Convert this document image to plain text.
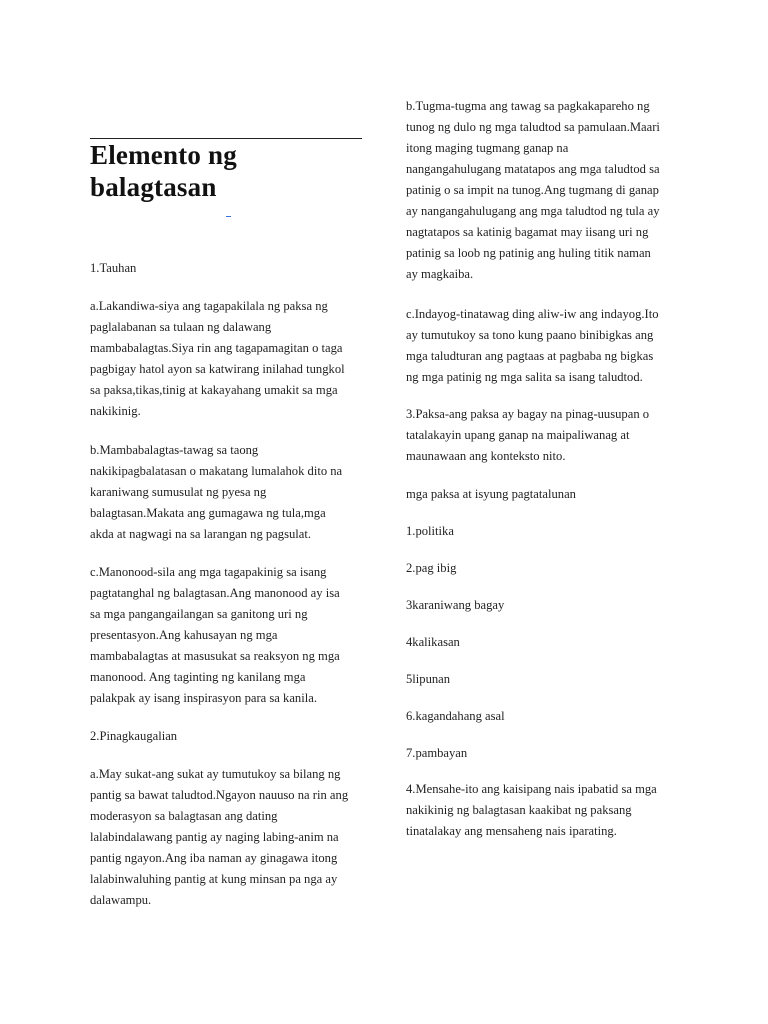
Elemento ng
balagtasan

1.Tauhan

a.Lakandiwa-siya ang tagapakilala ng paksa ng
paglalabanan sa tulaan ng dalawang
mambabalagtas.Siya rin ang tagapamagitan o taga
pagbigay hatol ayon sa katwirang inilahad tungkol
sa paksa,tikas,tinig at kakayahang umakit sa mga
nakikinig.

b.Mambabalagtas-tawag sa taong
nakikipagbalatasan o makatang lumalahok dito na
karaniwang sumusulat ng pyesa ng
balagtasan.Makata ang gumagawa ng tula,mga
akda at nagwagi na sa larangan ng pagsulat.

c.Manonood-sila ang mga tagapakinig sa isang
pagtatanghal ng balagtasan.Ang manonood ay isa
sa mga pangangailangan sa ganitong uri ng
presentasyon.Ang kahusayan ng mga
mambabalagtas at masusukat sa reaksyon ng mga
manonood. Ang taginting ng kanilang mga
palakpak ay isang inspirasyon para sa kanila.

2.Pinagkaugalian

a.May sukat-ang sukat ay tumutukoy sa bilang ng
pantig sa bawat taludtod.Ngayon nauuso na rin ang
moderasyon sa balagtasan ang dating
lalabindalawang pantig ay naging labing-anim na
pantig ngayon.Ang iba naman ay ginagawa itong
lalabinwaluhing pantig at kung minsan pa nga ay
dalawampu.

b.Tugma-tugma ang tawag sa pagkakapareho ng
tunog ng dulo ng mga taludtod sa pamulaan.Maari
itong maging tugmang ganap na
nangangahulugang matatapos ang mga taludtod sa
patinig o sa impit na tunog.Ang tugmang di ganap
ay nangangahulugang ang mga taludtod ng tula ay
nagtatapos sa katinig bagamat may iisang uri ng
patinig sa loob ng patinig ang huling titik naman
ay magkaiba.

c.Indayog-tinatawag ding aliw-iw ang indayog.Ito
ay tumutukoy sa tono kung paano binibigkas ang
mga taludturan ang pagtaas at pagbaba ng bigkas
ng mga patinig ng mga salita sa isang taludtod.

3.Paksa-ang paksa ay bagay na pinag-uusupan o
tatalakayin upang ganap na maipaliwanag at
maunawaan ang konteksto nito.

mga paksa at isyung pagtatalunan

1.politika

2.pag ibig

3karaniwang bagay

4kalikasan

5lipunan

6.kagandahang asal

7.pambayan

4.Mensahe-ito ang kaisipang nais ipabatid sa mga
nakikinig ng balagtasan kaakibat ng paksang
tinatalakay ang mensaheng nais iparating.
